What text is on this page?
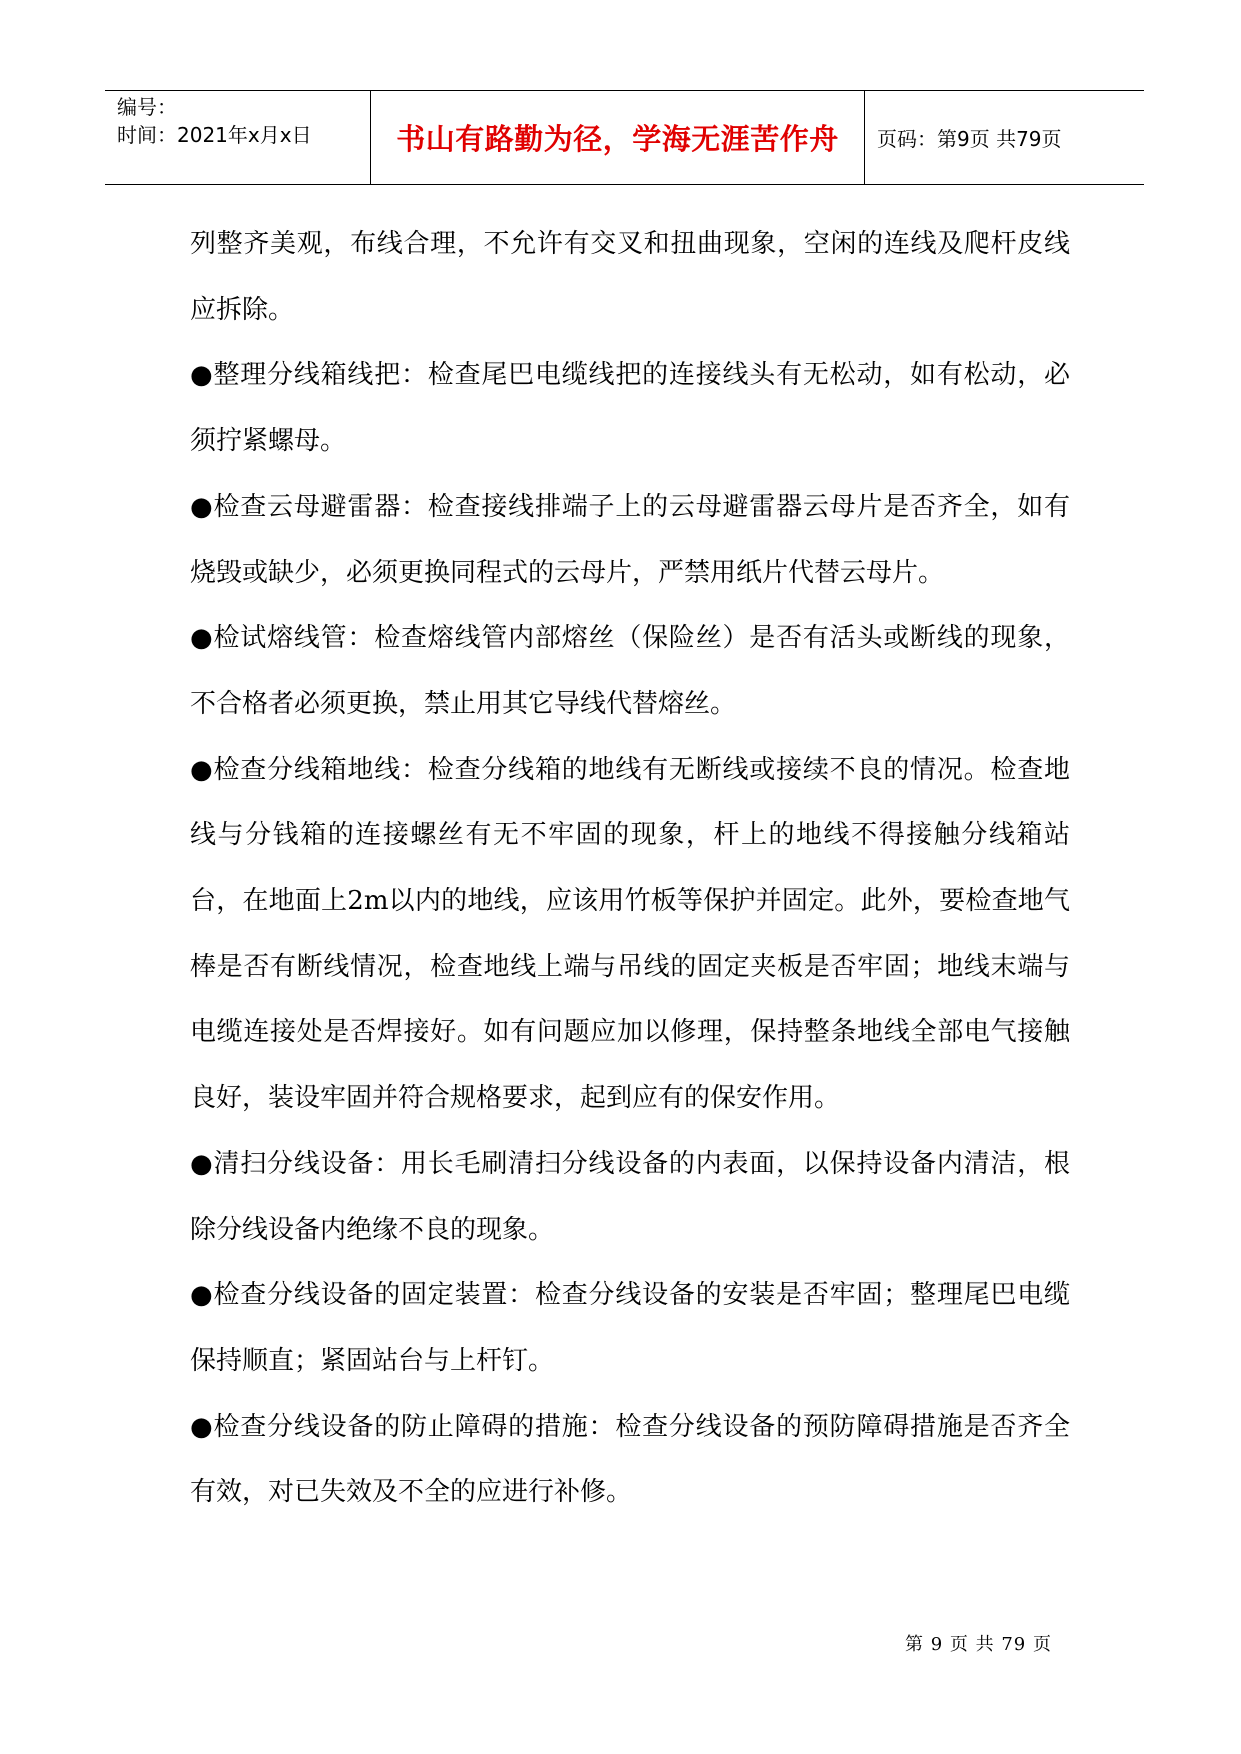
编号：
时间：2021年x月x日	书山有路勤为径，学海无涯苦作舟	页码：第9页 共79页

列整齐美观，布线合理，不允许有交叉和扭曲现象，空闲的连线及爬杆皮线应拆除。

●整理分线箱线把：检查尾巴电缆线把的连接线头有无松动，如有松动，必须拧紧螺母。

●检查云母避雷器：检查接线排端子上的云母避雷器云母片是否齐全，如有烧毁或缺少，必须更换同程式的云母片，严禁用纸片代替云母片。

●检试熔线管：检查熔线管内部熔丝（保险丝）是否有活头或断线的现象，不合格者必须更换，禁止用其它导线代替熔丝。

●检查分线箱地线：检查分线箱的地线有无断线或接续不良的情况。检查地线与分钱箱的连接螺丝有无不牢固的现象，杆上的地线不得接触分线箱站台，在地面上2m以内的地线，应该用竹板等保护并固定。此外，要检查地气棒是否有断线情况，检查地线上端与吊线的固定夹板是否牢固；地线末端与电缆连接处是否焊接好。如有问题应加以修理，保持整条地线全部电气接触良好，装设牢固并符合规格要求，起到应有的保安作用。

●清扫分线设备：用长毛刷清扫分线设备的内表面，以保持设备内清洁，根除分线设备内绝缘不良的现象。

●检查分线设备的固定装置：检查分线设备的安装是否牢固；整理尾巴电缆保持顺直；紧固站台与上杆钉。

●检查分线设备的防止障碍的措施：检查分线设备的预防障碍措施是否齐全有效，对已失效及不全的应进行补修。

第 9 页 共 79 页
